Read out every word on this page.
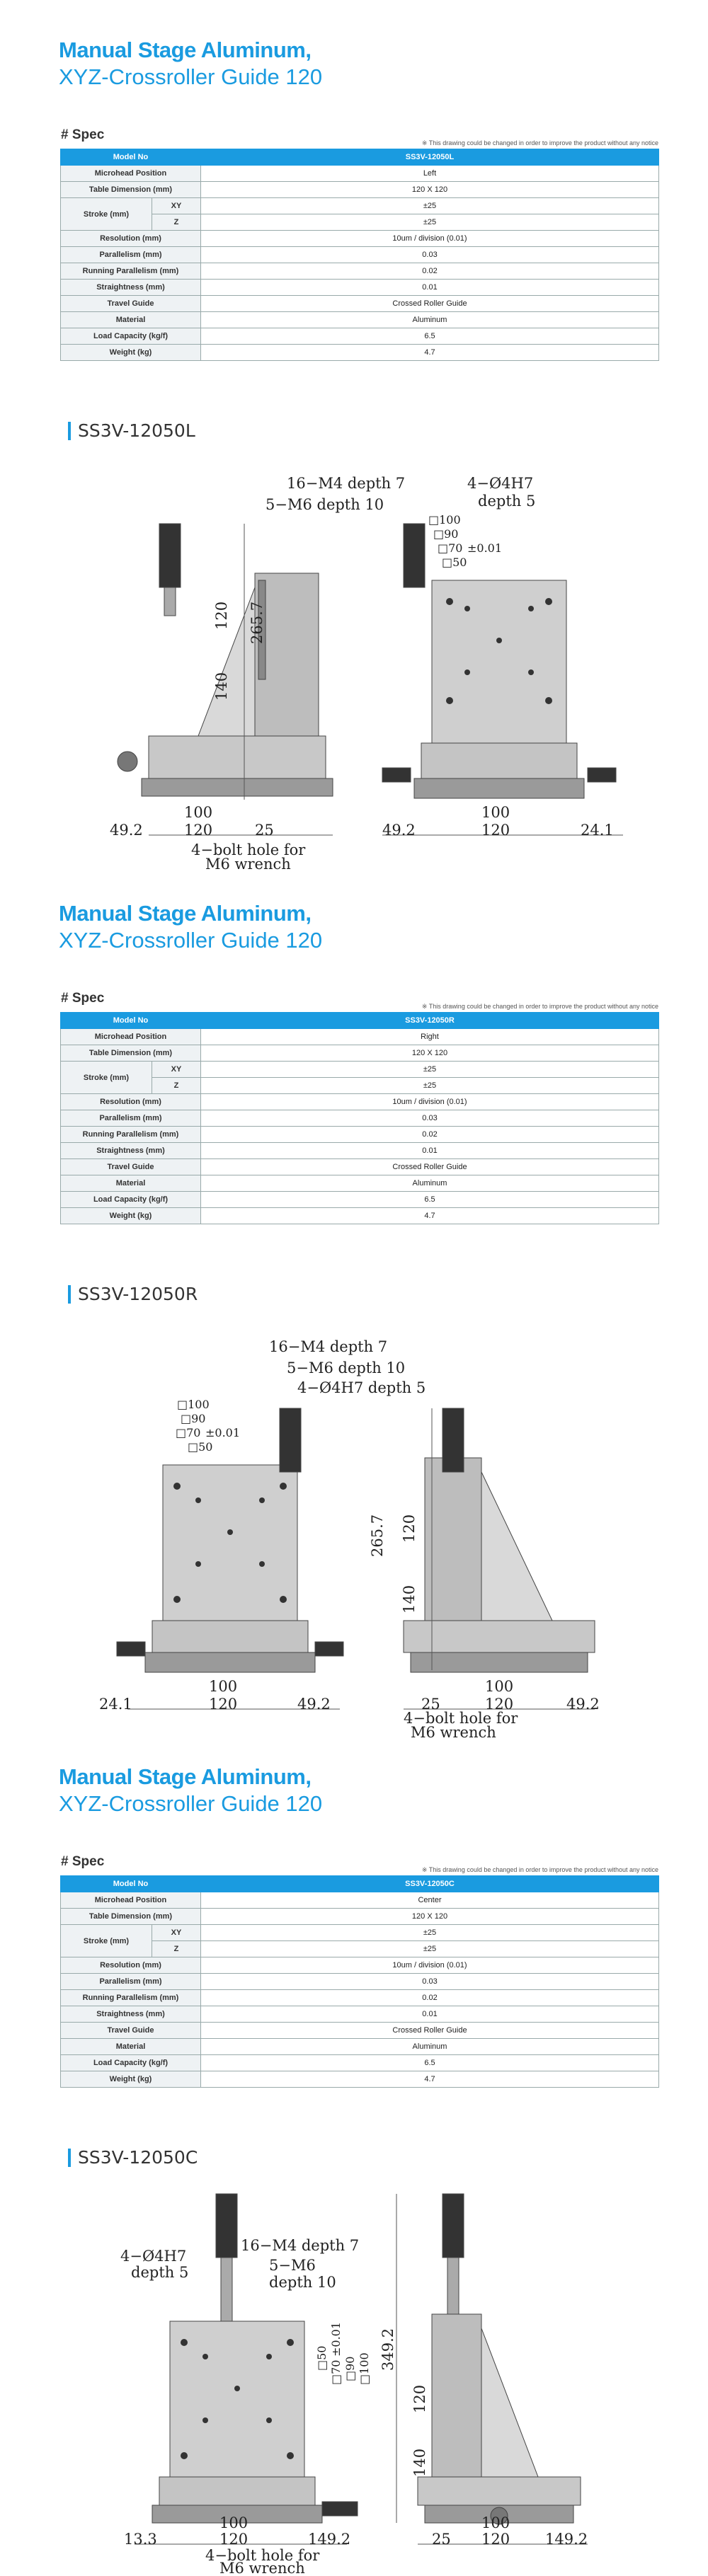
Manual Stage Aluminum,
XYZ-Crossroller Guide 120
# Spec
※ This drawing could be changed in order to improve the product without any notice
Model No		SS3V-12050L
Microhead Position		Left
Table Dimension (mm)		120 X 120
Stroke (mm)	XY	±25
	Z	±25
Resolution (mm)		10um / division (0.01)
Parallelism (mm)		0.03
Running Parallelism (mm)		0.02
Straightness (mm)		0.01
Travel Guide		Crossed Roller Guide
Material		Aluminum
Load Capacity (kg/f)		6.5
Weight (kg)		4.7
SS3V-12050L
16−M4 depth 7
5−M6 depth 10
4−Ø4H7
depth 5
□100
□90
□70 ±0.01
□50
120 265.7
140
100
49.2	120	25
4−bolt hole for
M6 wrench
49.2
100
120	24.1
Manual Stage Aluminum,
XYZ-Crossroller Guide 120
# Spec
※ This drawing could be changed in order to improve the product without any notice
Model No		SS3V-12050R
Microhead Position		Right
Table Dimension (mm)		120 X 120
Stroke (mm)	XY	±25
	Z	±25
Resolution (mm)		10um / division (0.01)
Parallelism (mm)		0.03
Running Parallelism (mm)		0.02
Straightness (mm)		0.01
Travel Guide		Crossed Roller Guide
Material		Aluminum
Load Capacity (kg/f)		6.5
Weight (kg)		4.7
SS3V-12050R
16−M4 depth 7
5−M6 depth 10
4−Ø4H7 depth 5
□100
□90
□70 ±0.01
□50
265.7 120
140
24.1
100
120	49.2	25
100
120	49.2
4−bolt hole for
M6 wrench
Manual Stage Aluminum,
XYZ-Crossroller Guide 120
# Spec
※ This drawing could be changed in order to improve the product without any notice
Model No		SS3V-12050C
Microhead Position		Center
Table Dimension (mm)		120 X 120
Stroke (mm)	XY	±25
	Z	±25
Resolution (mm)		10um / division (0.01)
Parallelism (mm)		0.03
Running Parallelism (mm)		0.02
Straightness (mm)		0.01
Travel Guide		Crossed Roller Guide
Material		Aluminum
Load Capacity (kg/f)		6.5
Weight (kg)		4.7
SS3V-12050C
4−Ø4H7
depth 5
16−M4 depth 7
5−M6
depth 10
□50
□70
±0.01
□90 □100 349.2
120
140
13.3
100
120	149.2	25
100
120 149.2
4−bolt hole for
M6 wrench
